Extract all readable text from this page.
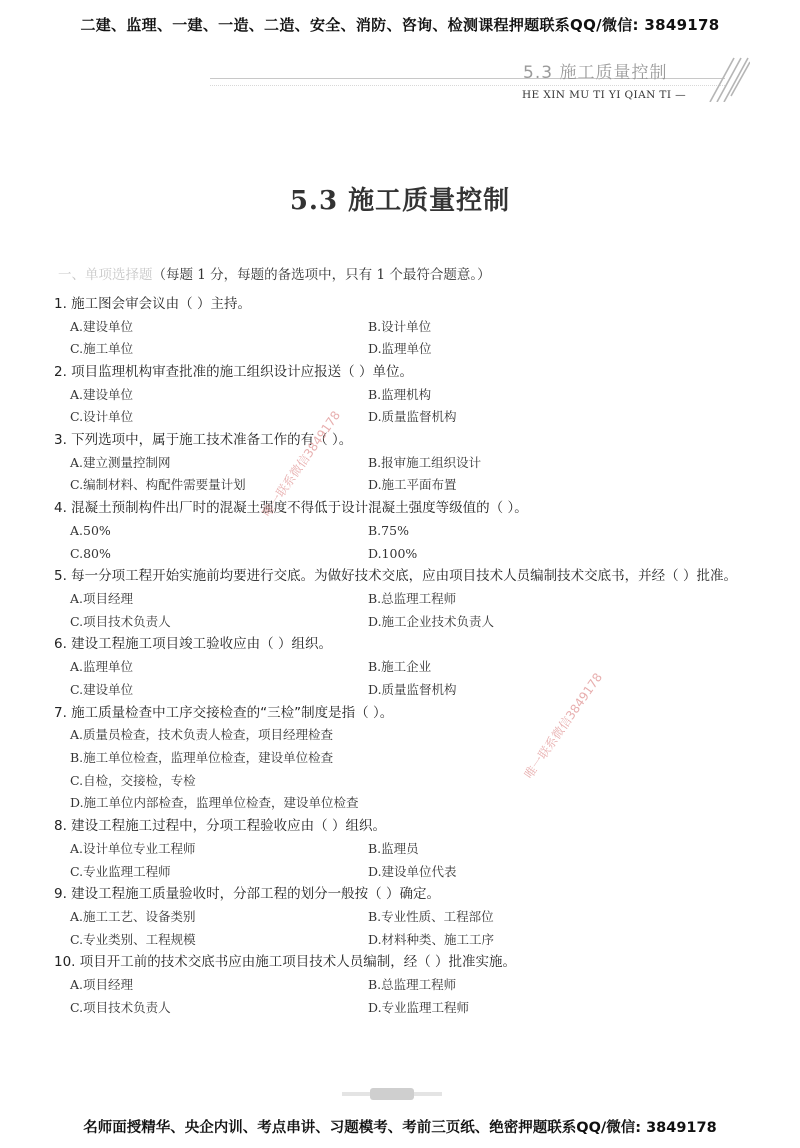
二建、监理、一建、一造、二造、安全、消防、咨询、检测课程押题联系QQ/微信: 3849178
5.3 施工质量控制
HE XIN MU TI YI QIAN TI —
5.3 施工质量控制
一、单项选择题（每题 1 分，每题的备选项中，只有 1 个最符合题意。）
1. 施工图会审会议由（ ）主持。
A.建设单位	B.设计单位
C.施工单位	D.监理单位
2. 项目监理机构审查批准的施工组织设计应报送（ ）单位。
A.建设单位	B.监理机构
C.设计单位	D.质量监督机构
3. 下列选项中，属于施工技术准备工作的有（ ）。
A.建立测量控制网	B.报审施工组织设计
C.编制材料、构配件需要量计划	D.施工平面布置
4. 混凝土预制构件出厂时的混凝土强度不得低于设计混凝土强度等级值的（ ）。
A.50%	B.75%
C.80%	D.100%
5. 每一分项工程开始实施前均要进行交底。为做好技术交底，应由项目技术人员编制技术交底书，并经（ ）批准。
A.项目经理	B.总监理工程师
C.项目技术负责人	D.施工企业技术负责人
6. 建设工程施工项目竣工验收应由（ ）组织。
A.监理单位	B.施工企业
C.建设单位	D.质量监督机构
7. 施工质量检查中工序交接检查的“三检”制度是指（ ）。
A.质量员检查，技术负责人检查，项目经理检查
B.施工单位检查，监理单位检查，建设单位检查
C.自检，交接检，专检
D.施工单位内部检查，监理单位检查，建设单位检查
8. 建设工程施工过程中，分项工程验收应由（ ）组织。
A.设计单位专业工程师	B.监理员
C.专业监理工程师	D.建设单位代表
9. 建设工程施工质量验收时，分部工程的划分一般按（ ）确定。
A.施工工艺、设备类别	B.专业性质、工程部位
C.专业类别、工程规模	D.材料种类、施工工序
10. 项目开工前的技术交底书应由施工项目技术人员编制，经（ ）批准实施。
A.项目经理	B.总监理工程师
C.项目技术负责人	D.专业监理工程师
唯一联系微信3849178
唯一联系微信3849178
名师面授精华、央企内训、考点串讲、习题模考、考前三页纸、绝密押题联系QQ/微信: 3849178
